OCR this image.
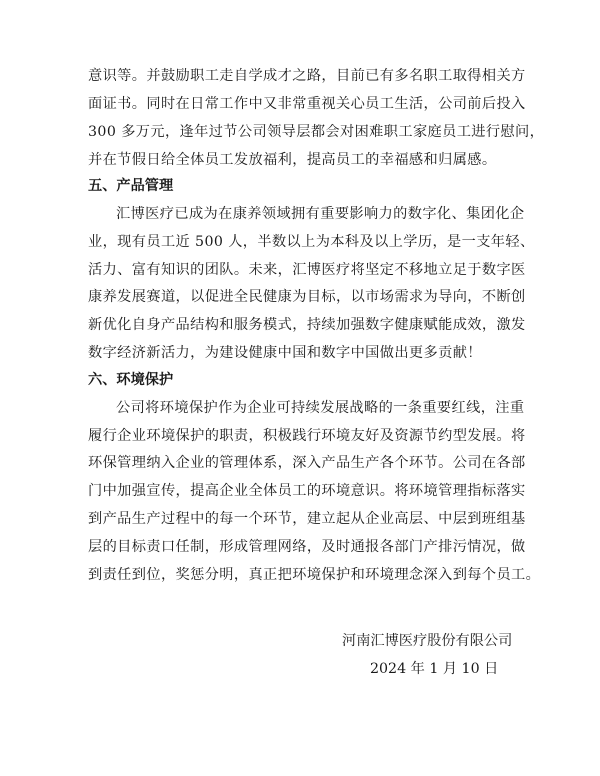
意识等。并鼓励职工走自学成才之路，目前已有多名职工取得相关方
面证书。同时在日常工作中又非常重视关心员工生活，公司前后投入
300 多万元，逢年过节公司领导层都会对困难职工家庭员工进行慰问，
并在节假日给全体员工发放福利，提高员工的幸福感和归属感。
五、产品管理
汇博医疗已成为在康养领域拥有重要影响力的数字化、集团化企
业，现有员工近 500 人，半数以上为本科及以上学历，是一支年轻、
活力、富有知识的团队。未来，汇博医疗将坚定不移地立足于数字医
康养发展赛道，以促进全民健康为目标，以市场需求为导向，不断创
新优化自身产品结构和服务模式，持续加强数字健康赋能成效，激发
数字经济新活力，为建设健康中国和数字中国做出更多贡献！
六、环境保护
公司将环境保护作为企业可持续发展战略的一条重要红线，注重
履行企业环境保护的职责，积极践行环境友好及资源节约型发展。将
环保管理纳入企业的管理体系，深入产品生产各个环节。公司在各部
门中加强宣传，提高企业全体员工的环境意识。将环境管理指标落实
到产品生产过程中的每一个环节，建立起从企业高层、中层到班组基
层的目标责口任制，形成管理网络，及时通报各部门产排污情况，做
到责任到位，奖惩分明，真正把环境保护和环境理念深入到每个员工。
河南汇博医疗股份有限公司
2024 年 1 月 10 日
